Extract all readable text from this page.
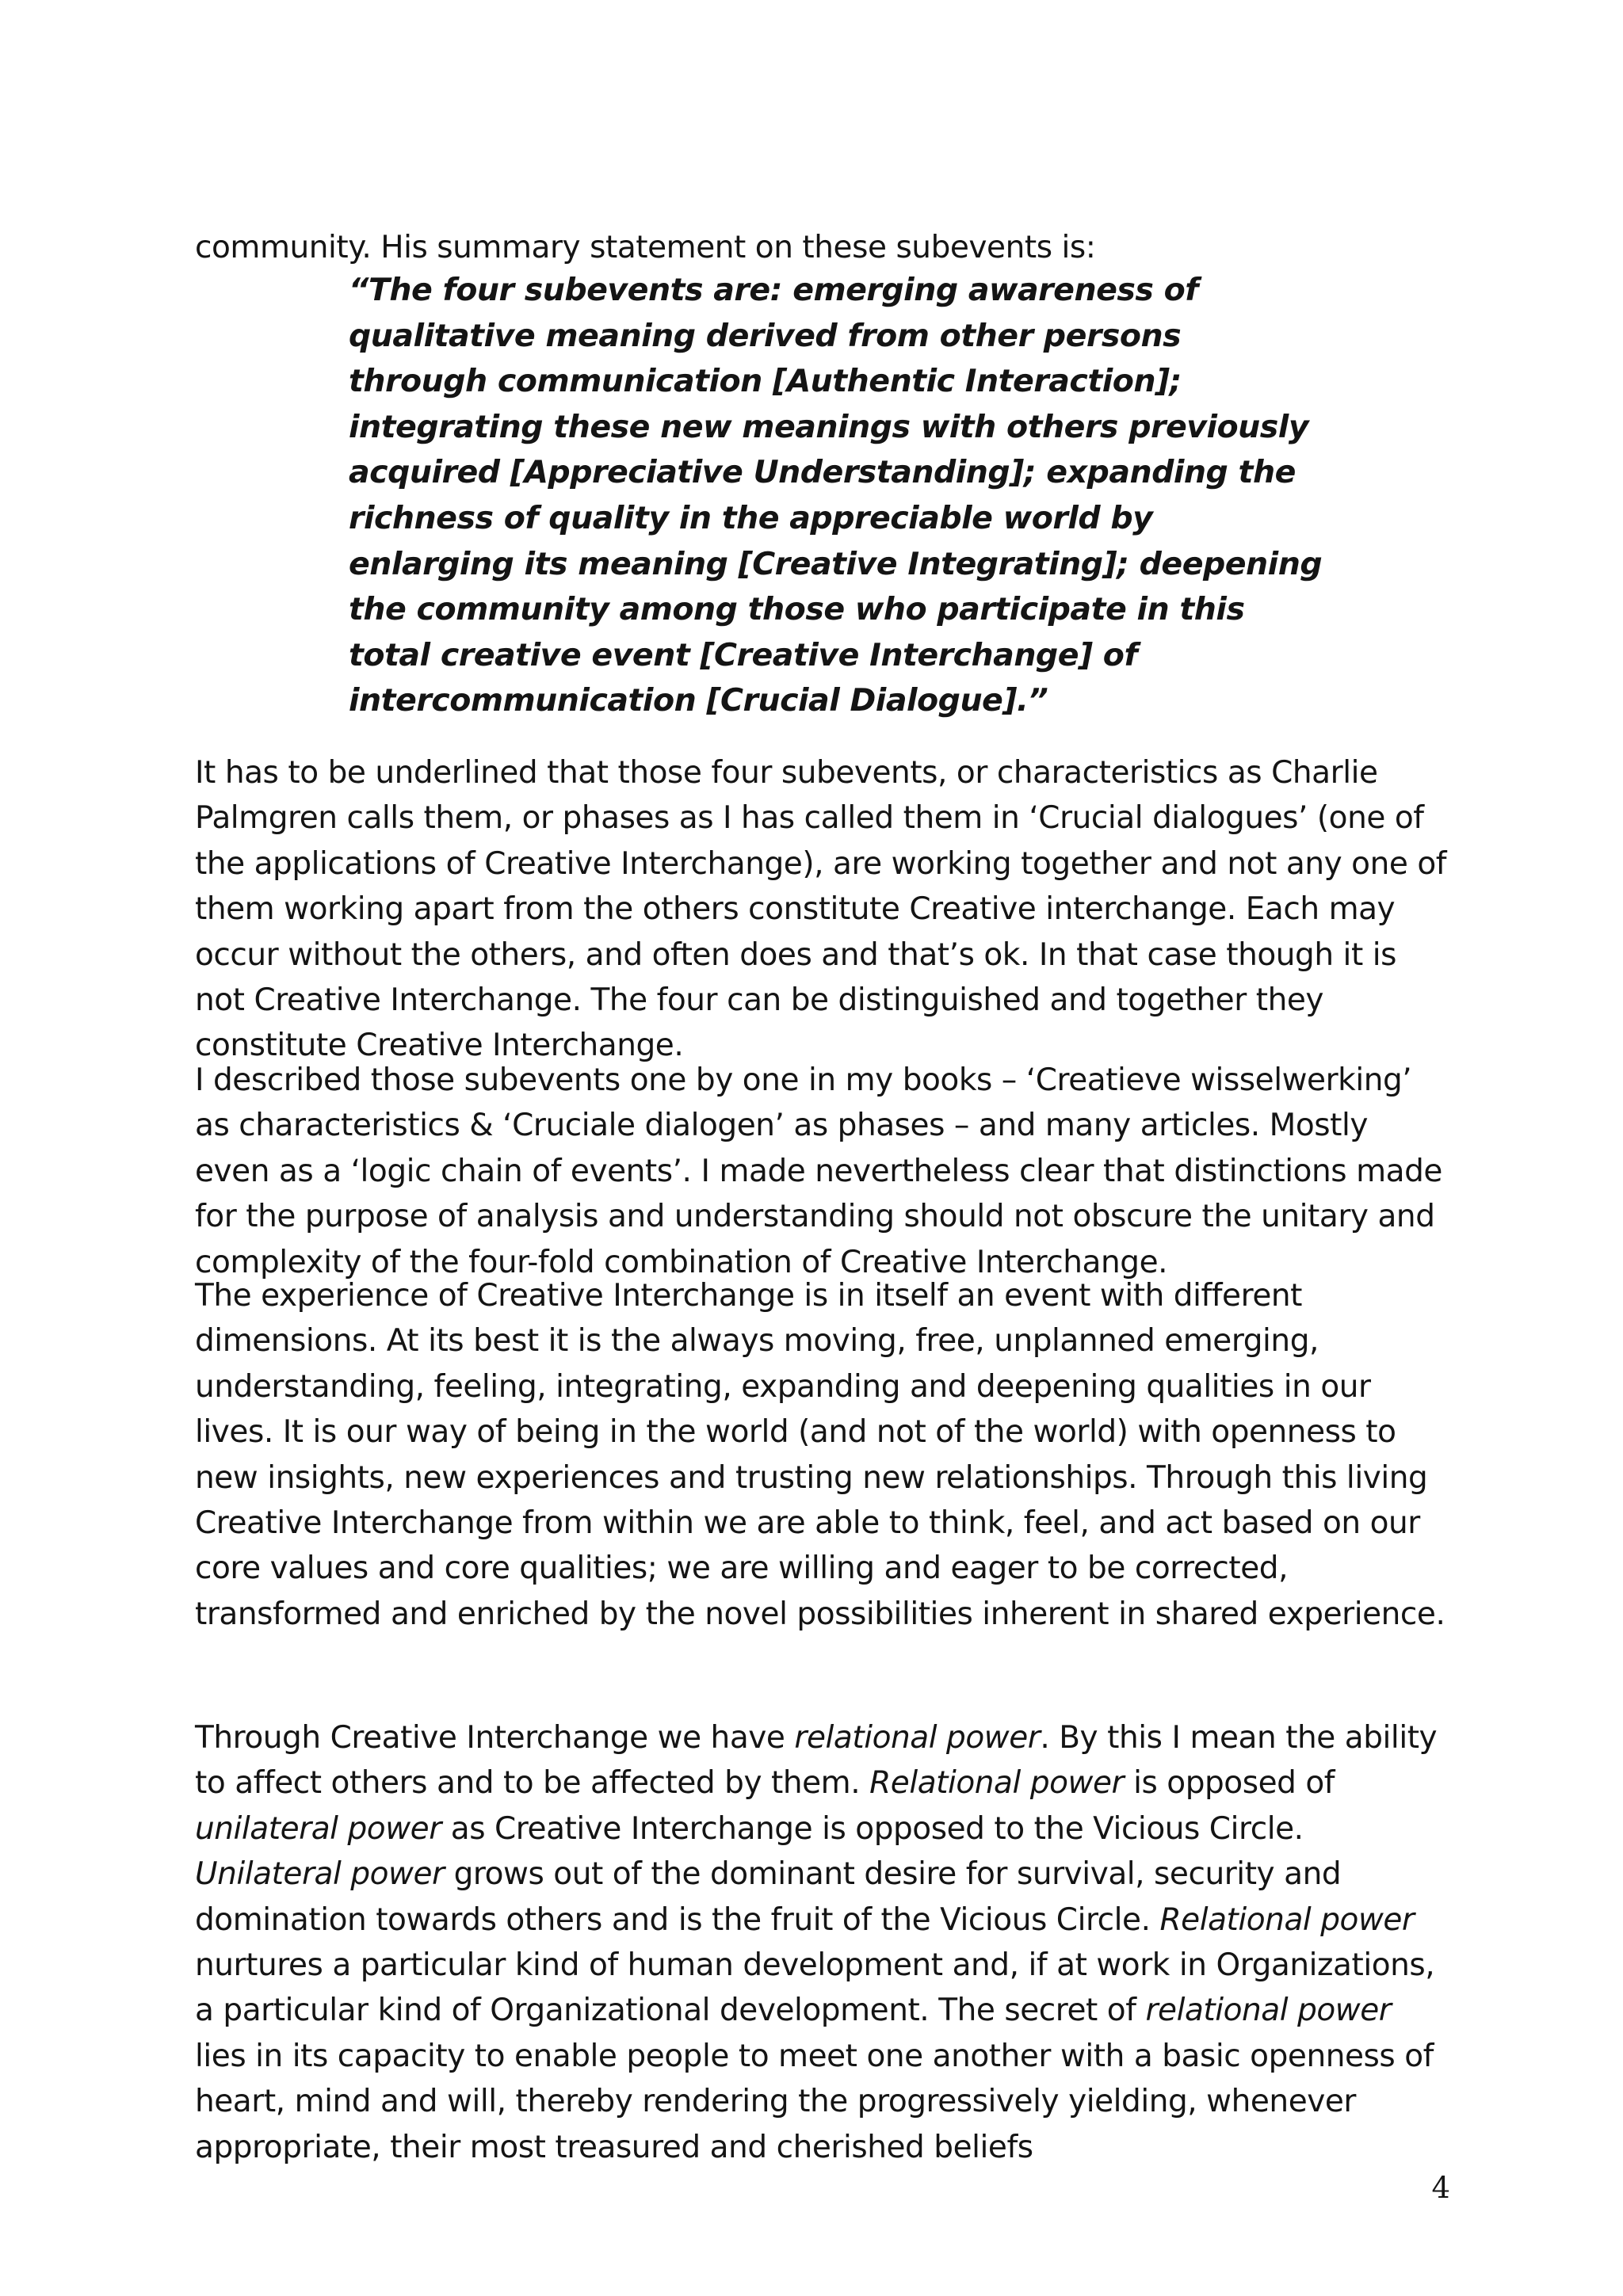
community. His summary statement on these subevents is:

“The four subevents are: emerging awareness of qualitative meaning derived from other persons through communication [Authentic Interaction]; integrating these new meanings with others previously acquired [Appreciative Understanding]; expanding the richness of quality in the appreciable world by enlarging its meaning [Creative Integrating]; deepening the community among those who participate in this total creative event [Creative Interchange] of intercommunication [Crucial Dialogue].”

It has to be underlined that those four subevents, or characteristics as Charlie Palmgren calls them, or phases as I has called them in ‘Crucial dialogues’ (one of the applications of Creative Interchange), are working together and not any one of them working apart from the others constitute Creative interchange. Each may occur without the others, and often does and that’s ok. In that case though it is not Creative Interchange. The four can be distinguished and together they constitute Creative Interchange.

I described those subevents one by one in my books – ‘Creatieve wisselwerking’ as characteristics & ‘Cruciale dialogen’ as phases – and many articles. Mostly even as a ‘logic chain of events’. I made nevertheless clear that distinctions made for the purpose of analysis and understanding should not obscure the unitary and complexity of the four-fold combination of Creative Interchange.

The experience of Creative Interchange is in itself an event with different dimensions. At its best it is the always moving, free, unplanned emerging, understanding, feeling, integrating, expanding and deepening qualities in our lives. It is our way of being in the world (and not of the world) with openness to new insights, new experiences and trusting new relationships. Through this living Creative Interchange from within we are able to think, feel, and act based on our core values and core qualities; we are willing and eager to be corrected, transformed and enriched by the novel possibilities inherent in shared experience.

Through Creative Interchange we have relational power. By this I mean the ability to affect others and to be affected by them. Relational power is opposed of unilateral power as Creative Interchange is opposed to the Vicious Circle. Unilateral power grows out of the dominant desire for survival, security and domination towards others and is the fruit of the Vicious Circle. Relational power nurtures a particular kind of human development and, if at work in Organizations, a particular kind of Organizational development. The secret of relational power lies in its capacity to enable people to meet one another with a basic openness of heart, mind and will, thereby rendering the progressively yielding, whenever appropriate, their most treasured and cherished beliefs

4
